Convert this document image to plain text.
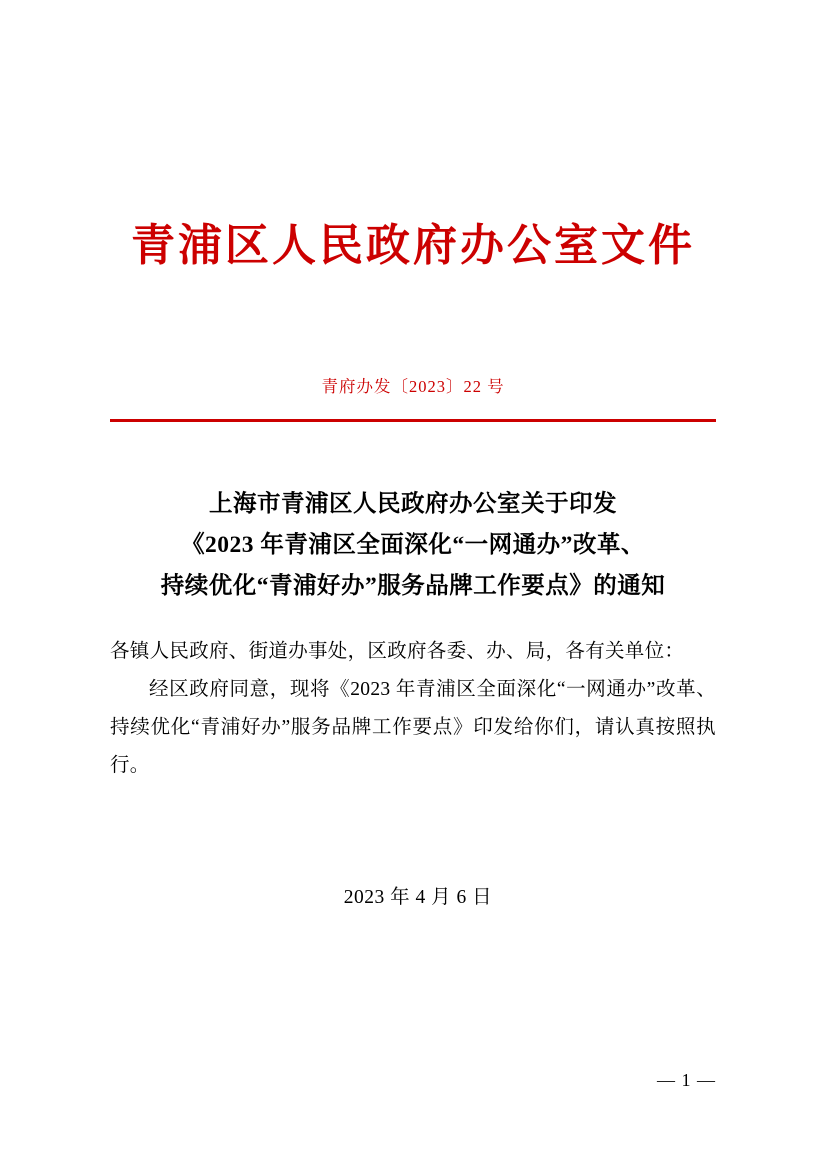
青浦区人民政府办公室文件
青府办发〔2023〕22 号
上海市青浦区人民政府办公室关于印发
《2023 年青浦区全面深化“一网通办”改革、
持续优化“青浦好办”服务品牌工作要点》的通知

各镇人民政府、街道办事处，区政府各委、办、局，各有关单位：

经区政府同意，现将《2023 年青浦区全面深化“一网通办”改革、持续优化“青浦好办”服务品牌工作要点》印发给你们，请认真按照执行。

2023 年 4 月 6 日
— 1 —
